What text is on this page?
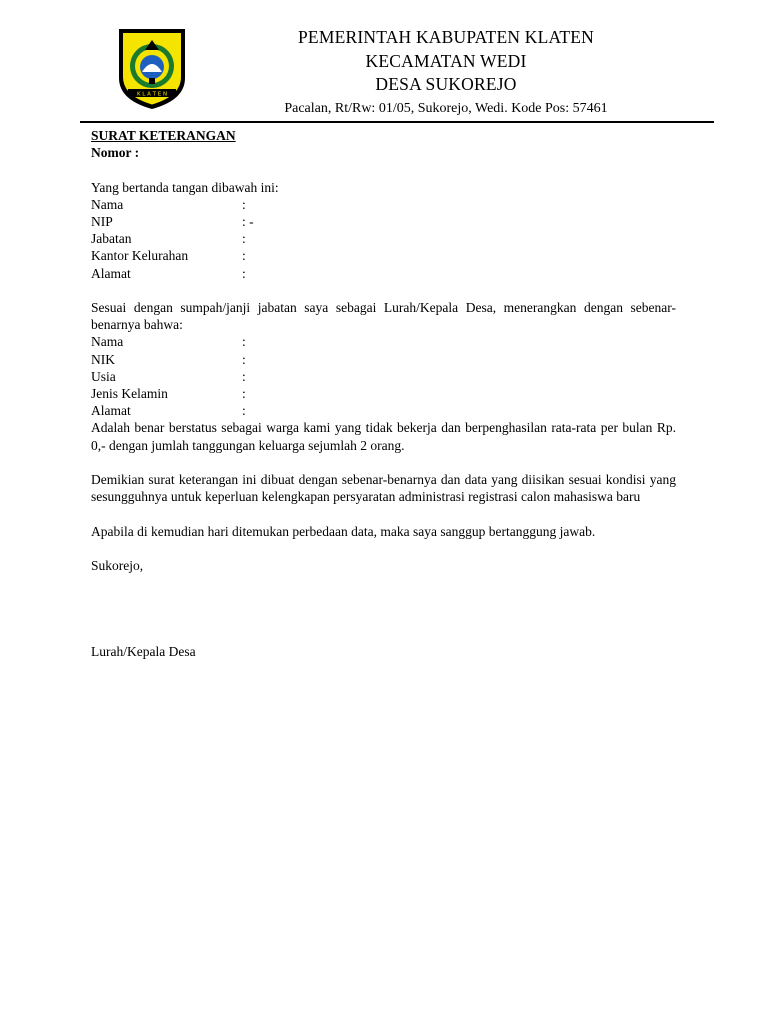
K L A T E N
PEMERINTAH KABUPATEN KLATEN
KECAMATAN WEDI
DESA SUKOREJO
Pacalan, Rt/Rw: 01/05, Sukorejo, Wedi. Kode Pos: 57461
SURAT KETERANGAN
Nomor :
Yang bertanda tangan dibawah ini:
Nama	:
NIP	: -
Jabatan	:
Kantor Kelurahan	:
Alamat	:
Sesuai dengan sumpah/janji jabatan saya sebagai Lurah/Kepala Desa, menerangkan dengan sebenar-benarnya bahwa:
Nama	:
NIK	:
Usia	:
Jenis Kelamin	:
Alamat	:
Adalah benar berstatus sebagai warga kami yang tidak bekerja dan berpenghasilan rata-rata per bulan Rp. 0,- dengan jumlah tanggungan keluarga sejumlah 2 orang.
Demikian surat keterangan ini dibuat dengan sebenar-benarnya dan data yang diisikan sesuai kondisi yang sesungguhnya untuk keperluan kelengkapan persyaratan administrasi registrasi calon mahasiswa baru
Apabila di kemudian hari ditemukan perbedaan data, maka saya sanggup bertanggung jawab.
Sukorejo,
Lurah/Kepala Desa
